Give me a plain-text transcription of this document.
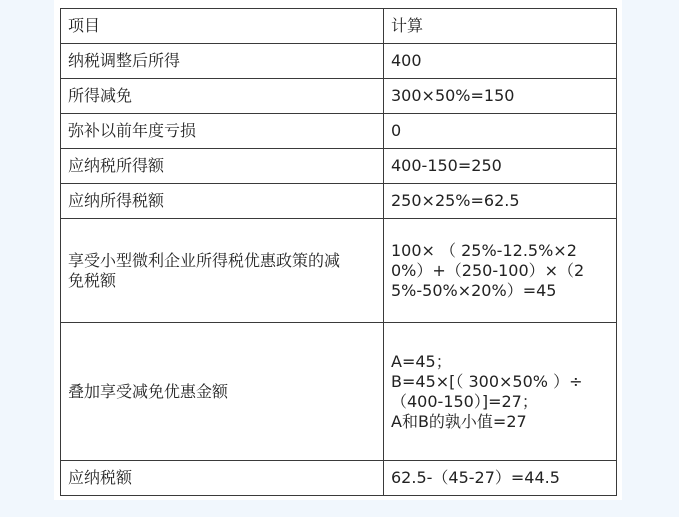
项目	计算

纳税调整后所得	400

所得减免	300×50%=150

弥补以前年度亏损	0

应纳税所得额	400-150=250

应纳所得税额	250×25%=62.5

享受小型微利企业所得税优惠政策的减
免税额	100× （ 25%-12.5%×2
0%）+（250-100）×（2
5%-50%×20%）=45

叠加享受减免优惠金额	A=45；
B=45×[（ 300×50% ）÷
（400-150）]=27；
A和B的孰小值=27

应纳税额	62.5-（45-27）=44.5
